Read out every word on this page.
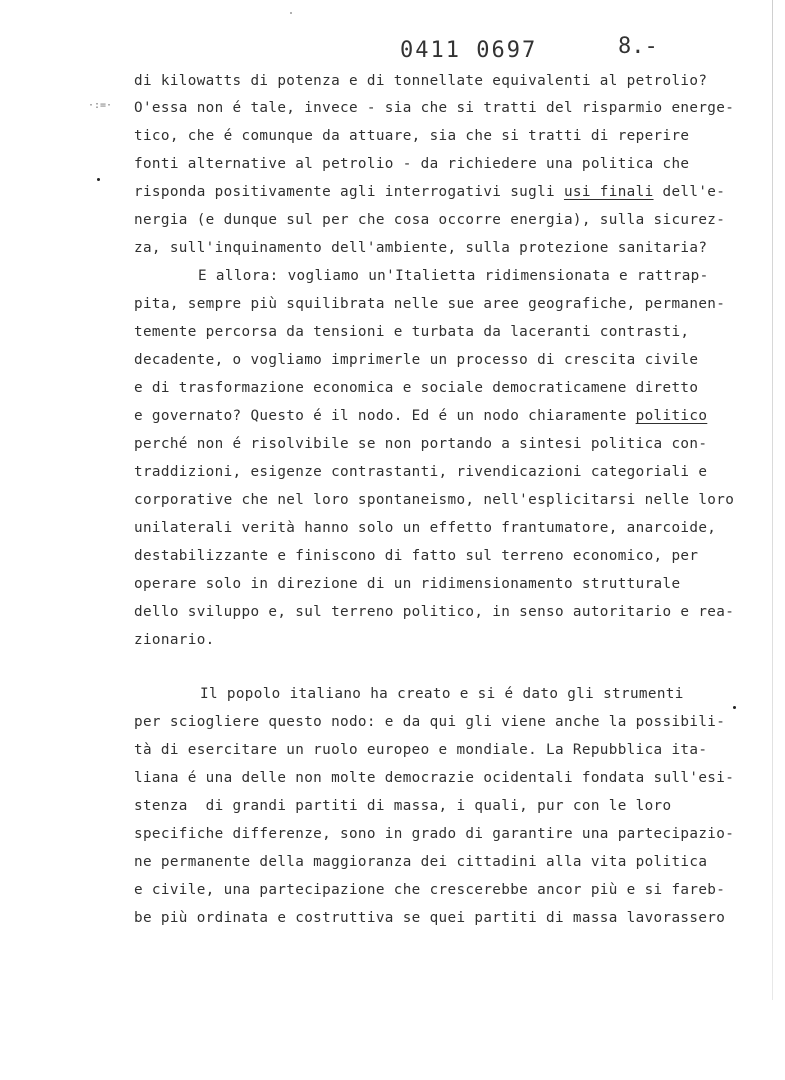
0411 0697	8.-
·:=·
di kilowatts di potenza e di tonnellate equivalenti al petrolio?
O'essa non é tale, invece - sia che si tratti del risparmio energe-
tico, che é comunque da attuare, sia che si tratti di reperire
fonti alternative al petrolio - da richiedere una politica che
risponda positivamente agli interrogativi sugli usi finali dell'e-
nergia (e dunque sul per che cosa occorre energia), sulla sicurez-
za, sull'inquinamento dell'ambiente, sulla protezione sanitaria?
E allora: vogliamo un'Italietta ridimensionata e rattrap-
pita, sempre più squilibrata nelle sue aree geografiche, permanen-
temente percorsa da tensioni e turbata da laceranti contrasti,
decadente, o vogliamo imprimerle un processo di crescita civile
e di trasformazione economica e sociale democraticamene diretto
e governato? Questo é il nodo. Ed é un nodo chiaramente politico
perché non é risolvibile se non portando a sintesi politica con-
traddizioni, esigenze contrastanti, rivendicazioni categoriali e
corporative che nel loro spontaneismo, nell'esplicitarsi nelle loro
unilaterali verità hanno solo un effetto frantumatore, anarcoide,
destabilizzante e finiscono di fatto sul terreno economico, per
operare solo in direzione di un ridimensionamento strutturale
dello sviluppo e, sul terreno politico, in senso autoritario e rea-
zionario.
Il popolo italiano ha creato e si é dato gli strumenti
per sciogliere questo nodo: e da qui gli viene anche la possibili-
tà di esercitare un ruolo europeo e mondiale. La Repubblica ita-
liana é una delle non molte democrazie ocidentali fondata sull'esi-
stenza  di grandi partiti di massa, i quali, pur con le loro
specifiche differenze, sono in grado di garantire una partecipazio-
ne permanente della maggioranza dei cittadini alla vita politica
e civile, una partecipazione che crescerebbe ancor più e si fareb-
be più ordinata e costruttiva se quei partiti di massa lavorassero
